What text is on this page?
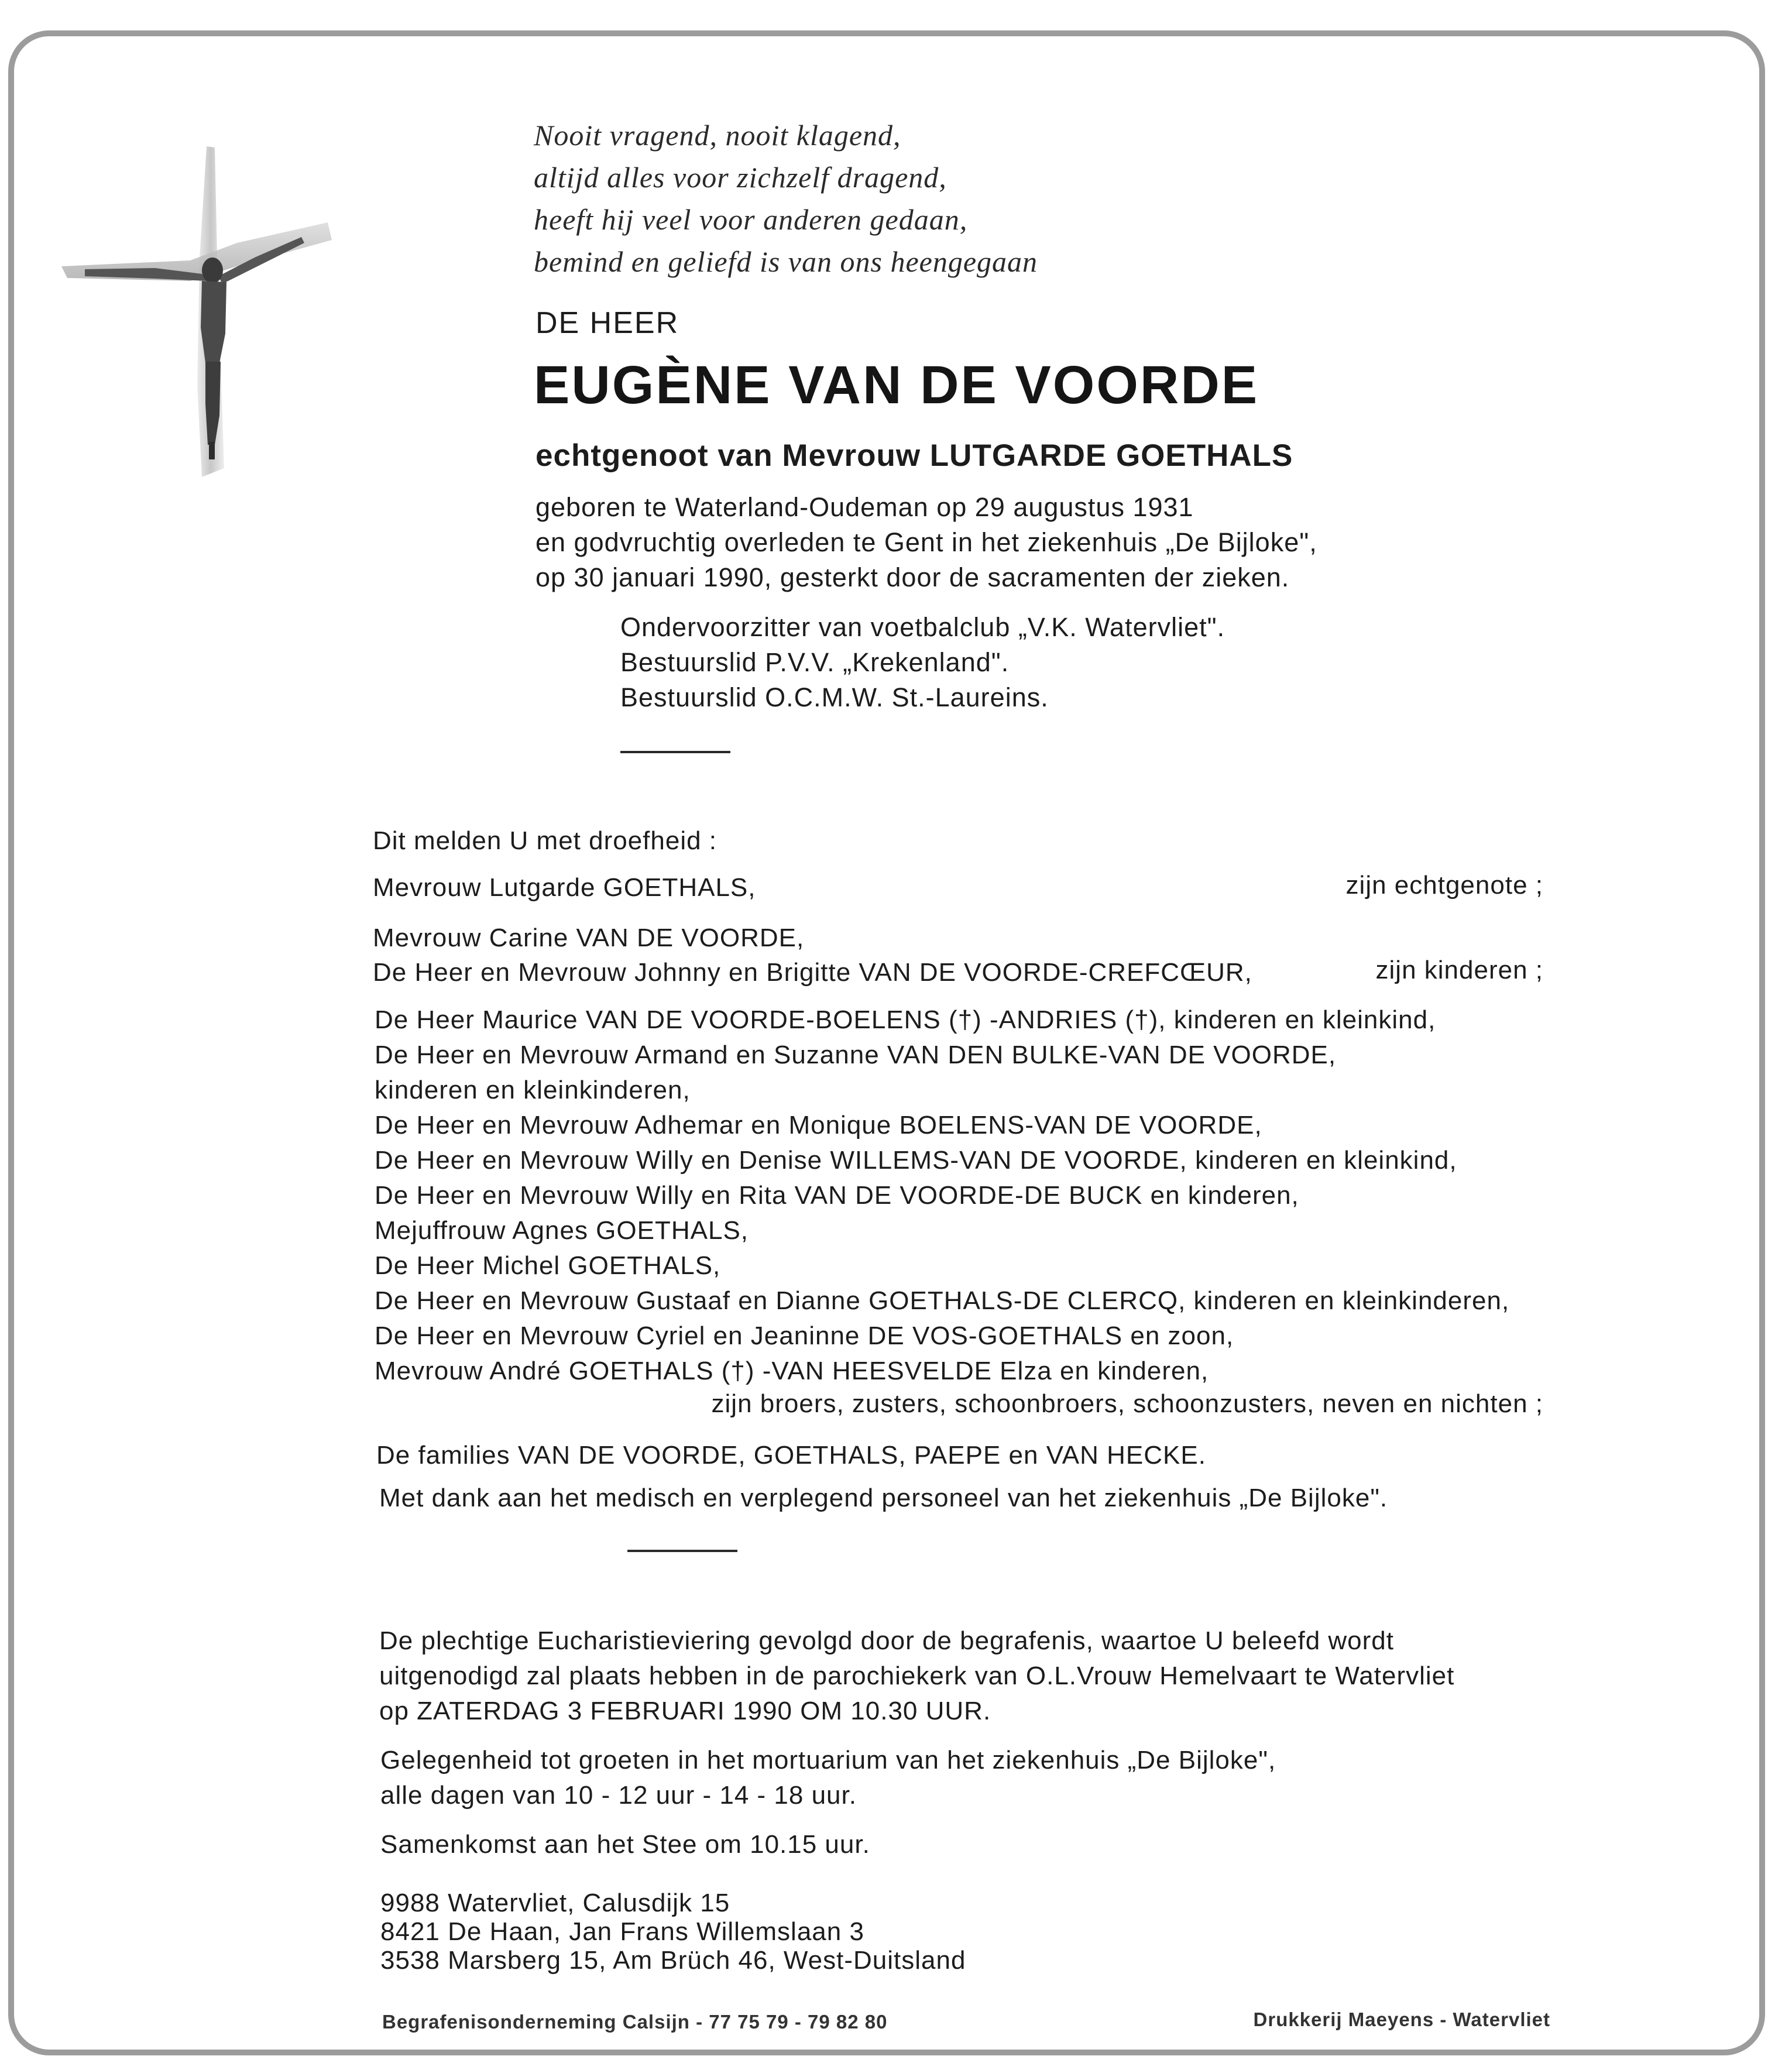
Nooit vragend, nooit klagend,
altijd alles voor zichzelf dragend,
heeft hij veel voor anderen gedaan,
bemind en geliefd is van ons heengegaan
DE HEER
EUGÈNE VAN DE VOORDE
echtgenoot van Mevrouw LUTGARDE GOETHALS
geboren te Waterland-Oudeman op 29 augustus 1931
en godvruchtig overleden te Gent in het ziekenhuis „De Bijloke",
op 30 januari 1990, gesterkt door de sacramenten der zieken.
Ondervoorzitter van voetbalclub „V.K. Watervliet".
Bestuurslid P.V.V. „Krekenland".
Bestuurslid O.C.M.W. St.-Laureins.
Dit melden U met droefheid :
Mevrouw Lutgarde GOETHALS,	zijn echtgenote ;
Mevrouw Carine VAN DE VOORDE,
De Heer en Mevrouw Johnny en Brigitte VAN DE VOORDE-CREFCŒUR,	zijn kinderen ;
De Heer Maurice VAN DE VOORDE-BOELENS (†) -ANDRIES (†), kinderen en kleinkind,
De Heer en Mevrouw Armand en Suzanne VAN DEN BULKE-VAN DE VOORDE,
kinderen en kleinkinderen,
De Heer en Mevrouw Adhemar en Monique BOELENS-VAN DE VOORDE,
De Heer en Mevrouw Willy en Denise WILLEMS-VAN DE VOORDE, kinderen en kleinkind,
De Heer en Mevrouw Willy en Rita VAN DE VOORDE-DE BUCK en kinderen,
Mejuffrouw Agnes GOETHALS,
De Heer Michel GOETHALS,
De Heer en Mevrouw Gustaaf en Dianne GOETHALS-DE CLERCQ, kinderen en kleinkinderen,
De Heer en Mevrouw Cyriel en Jeaninne DE VOS-GOETHALS en zoon,
Mevrouw André GOETHALS (†) -VAN HEESVELDE Elza en kinderen,
zijn broers, zusters, schoonbroers, schoonzusters, neven en nichten ;
De families VAN DE VOORDE, GOETHALS, PAEPE en VAN HECKE.
Met dank aan het medisch en verplegend personeel van het ziekenhuis „De Bijloke".
De plechtige Eucharistieviering gevolgd door de begrafenis, waartoe U beleefd wordt
uitgenodigd zal plaats hebben in de parochiekerk van O.L.Vrouw Hemelvaart te Watervliet
op ZATERDAG 3 FEBRUARI 1990 OM 10.30 UUR.
Gelegenheid tot groeten in het mortuarium van het ziekenhuis „De Bijloke",
alle dagen van 10 - 12 uur - 14 - 18 uur.
Samenkomst aan het Stee om 10.15 uur.
9988 Watervliet, Calusdijk 15
8421 De Haan, Jan Frans Willemslaan 3
3538 Marsberg 15, Am Brüch 46, West-Duitsland
Begrafenisonderneming Calsijn - 77 75 79 - 79 82 80	Drukkerij Maeyens - Watervliet
